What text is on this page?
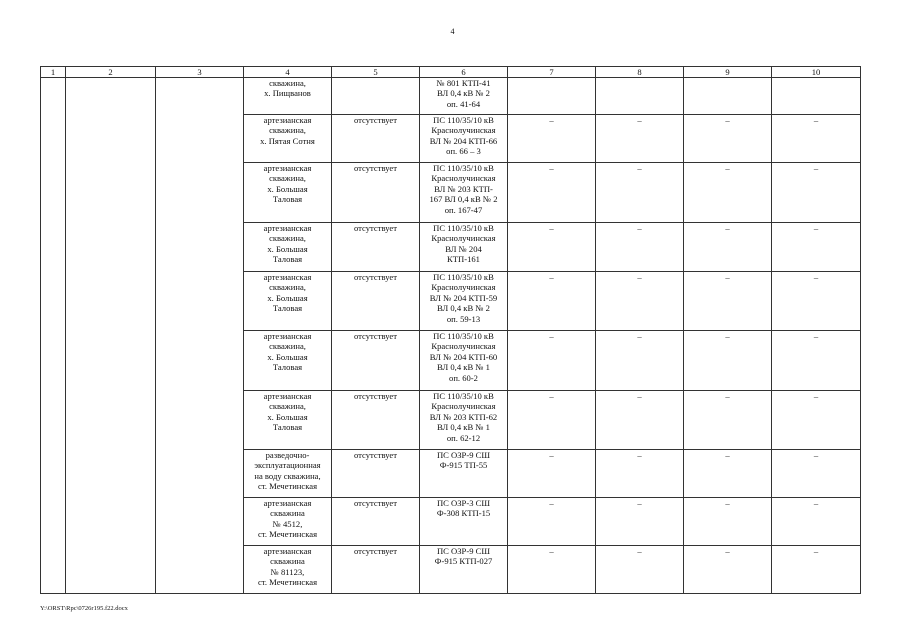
4
1	2	3	4	5	6	7	8	9	10
			скважина,
х. Пищванов		№ 801 КТП-41
ВЛ 0,4 кВ № 2
оп. 41-64				
			артезианская
скважина,
х. Пятая Сотня	отсутствует	ПС 110/35/10 кВ
Краснолучинская
ВЛ № 204 КТП-66
оп. 66 – 3	–	–	–	–
			артезианская
скважина,
х. Большая
Таловая	отсутствует	ПС 110/35/10 кВ
Краснолучинская
ВЛ № 203 КТП-
167 ВЛ 0,4 кВ № 2
оп. 167-47	–	–	–	–
			артезианская
скважина,
х. Большая
Таловая	отсутствует	ПС 110/35/10 кВ
Краснолучинская
ВЛ № 204
КТП-161	–	–	–	–
			артезианская
скважина,
х. Большая
Таловая	отсутствует	ПС 110/35/10 кВ
Краснолучинская
ВЛ № 204 КТП-59
ВЛ 0,4 кВ № 2
оп. 59-13	–	–	–	–
			артезианская
скважина,
х. Большая
Таловая	отсутствует	ПС 110/35/10 кВ
Краснолучинская
ВЛ № 204 КТП-60
ВЛ 0,4 кВ № 1
оп. 60-2	–	–	–	–
			артезианская
скважина,
х. Большая
Таловая	отсутствует	ПС 110/35/10 кВ
Краснолучинская
ВЛ № 203 КТП-62
ВЛ 0,4 кВ № 1
оп. 62-12	–	–	–	–
			разведочно-
эксплуатационная
на воду скважина,
ст. Мечетинская	отсутствует	ПС ОЗР-9 СШ
Ф-915 ТП-55	–	–	–	–
			артезианская
скважина
№ 4512,
ст. Мечетинская	отсутствует	ПС ОЗР-3 СШ
Ф-308 КТП-15	–	–	–	–
			артезианская
скважина
№ 81123,
ст. Мечетинская	отсутствует	ПС ОЗР-9 СШ
Ф-915 КТП-027	–	–	–	–
Y:\ORST\Rpc\0726r195.f22.docx
